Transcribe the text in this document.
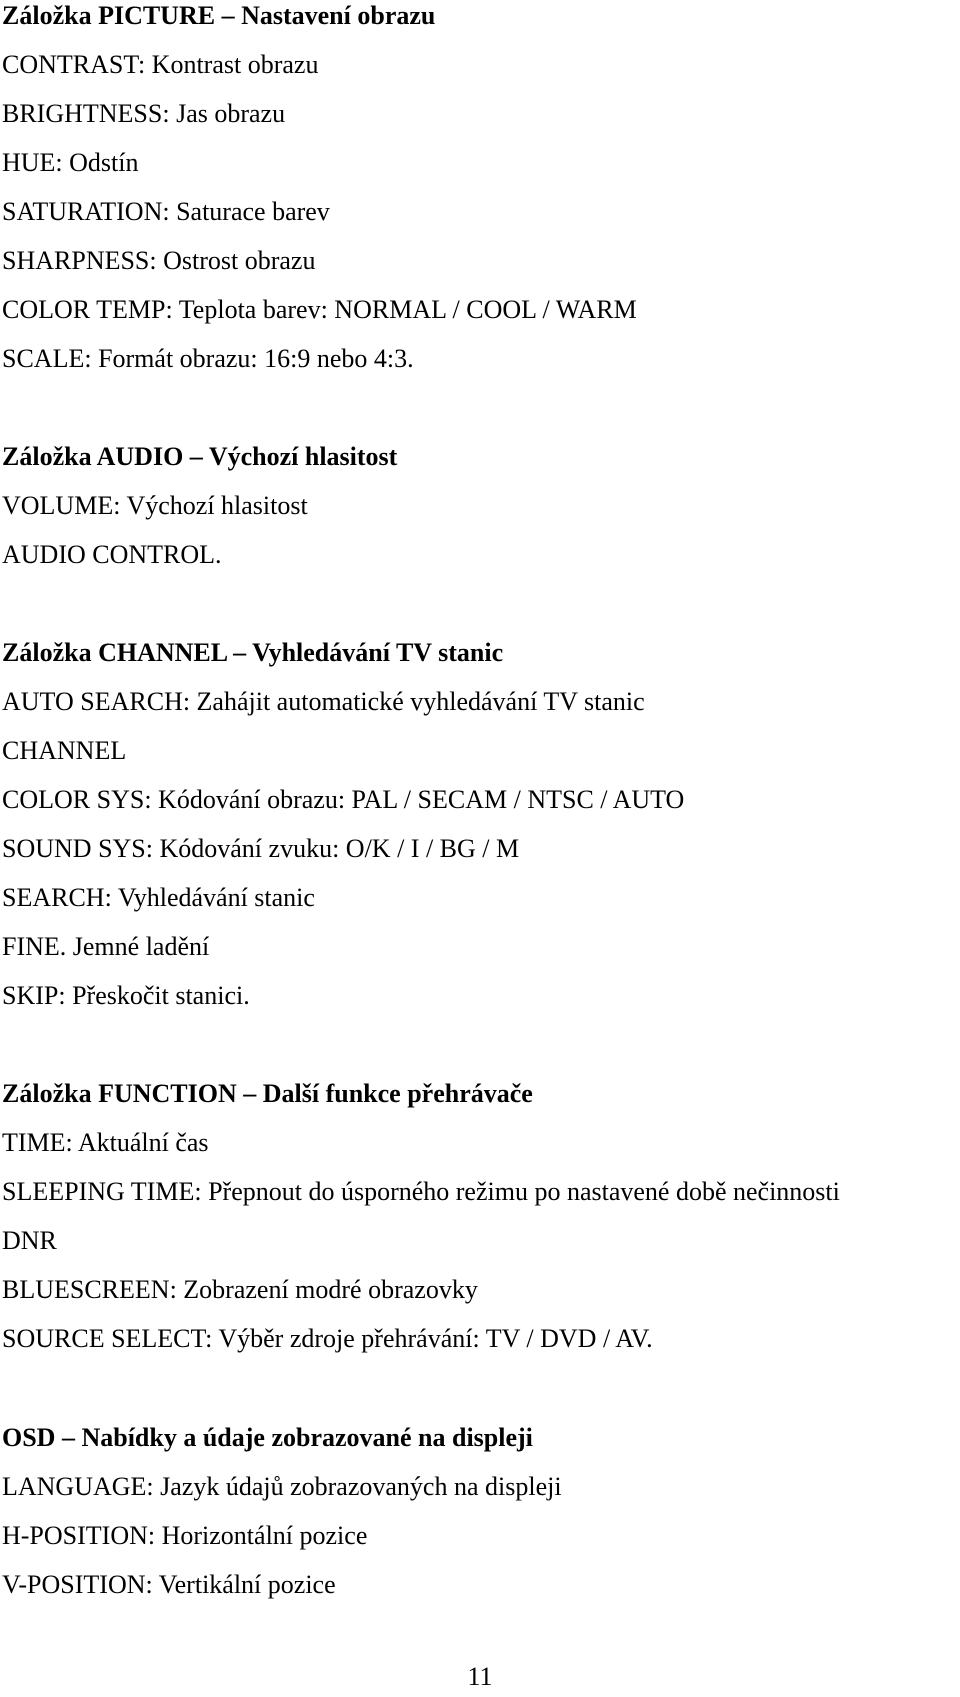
Záložka PICTURE – Nastavení obrazu
CONTRAST: Kontrast obrazu
BRIGHTNESS: Jas obrazu
HUE: Odstín
SATURATION: Saturace barev
SHARPNESS: Ostrost obrazu
COLOR TEMP: Teplota barev: NORMAL / COOL / WARM
SCALE: Formát obrazu: 16:9 nebo 4:3.
Záložka AUDIO – Výchozí hlasitost
VOLUME: Výchozí hlasitost
AUDIO CONTROL.
Záložka CHANNEL – Vyhledávání TV stanic
AUTO SEARCH: Zahájit automatické vyhledávání TV stanic
CHANNEL
COLOR SYS: Kódování obrazu: PAL / SECAM / NTSC / AUTO
SOUND SYS: Kódování zvuku: O/K / I / BG / M
SEARCH: Vyhledávání stanic
FINE. Jemné ladění
SKIP: Přeskočit stanici.
Záložka FUNCTION – Další funkce přehrávače
TIME: Aktuální čas
SLEEPING TIME: Přepnout do úsporného režimu po nastavené době nečinnosti
DNR
BLUESCREEN: Zobrazení modré obrazovky
SOURCE SELECT: Výběr zdroje přehrávání: TV / DVD / AV.
OSD – Nabídky a údaje zobrazované na displeji
LANGUAGE: Jazyk údajů zobrazovaných na displeji
H-POSITION: Horizontální pozice
V-POSITION: Vertikální pozice
11
